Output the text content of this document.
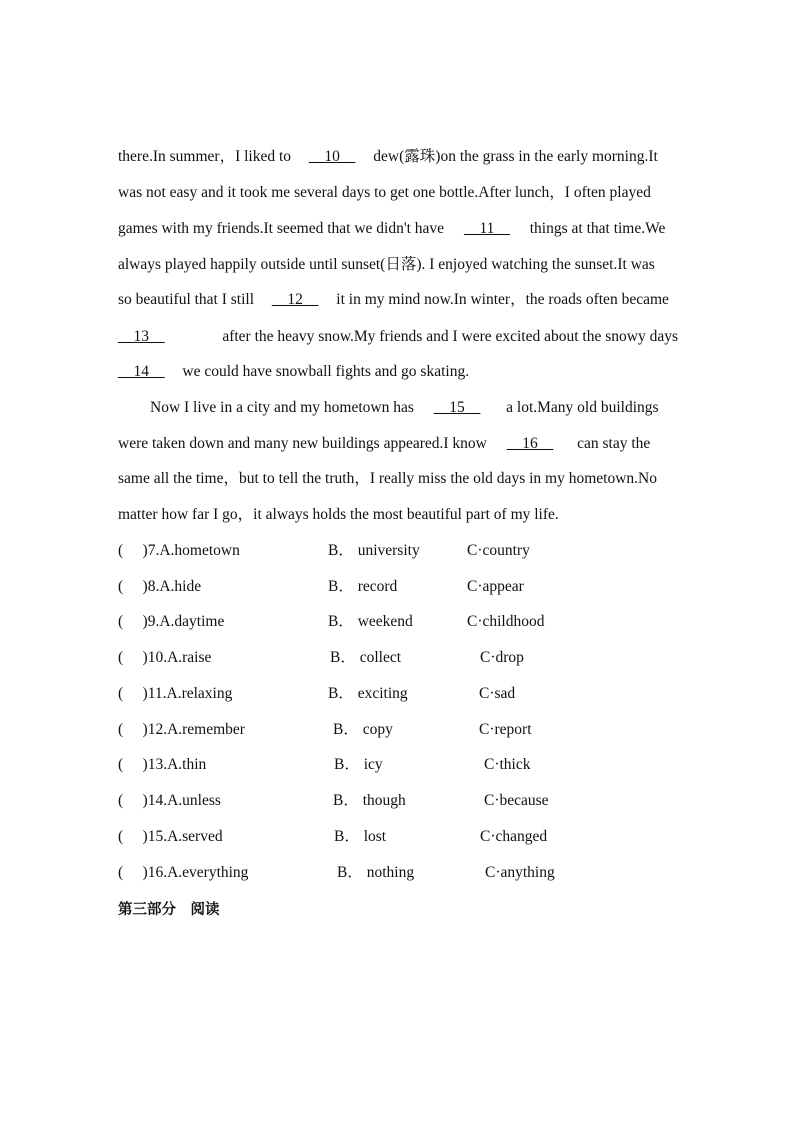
there.In summer，I liked to __10__ dew(露珠)on the grass in the early morning.It
was not easy and it took me several days to get one bottle.After lunch，I often played
games with my friends.It seemed that we didn't have __11__ things at that time.We
always played happily outside until sunset(日落). I enjoyed watching the sunset.It was
so beautiful that I still __12__ it in my mind now.In winter，the roads often became
__13__	after the heavy snow.My friends and I were excited about the snowy days
__14__ we could have snowball fights and go skating.
Now I live in a city and my hometown has __15__ a lot.Many old buildings
were taken down and many new buildings appeared.I know __16__ can stay the
same all the time，but to tell the truth，I really miss the old days in my hometown.No
matter how far I go，it always holds the most beautiful part of my life.
(　 )7.A.hometown	B． university	C·country
(　 )8.A.hide	B． record	C·appear
(　 )9.A.daytime	B． weekend	C·childhood
(　 )10.A.raise	B． collect	C·drop
(　 )11.A.relaxing	B． exciting	C·sad
(　 )12.A.remember	B． copy	C·report
(　 )13.A.thin	B． icy	C·thick
(　 )14.A.unless	B． though	C·because
(　 )15.A.served	B． lost	C·changed
(　 )16.A.everything	B． nothing	C·anything
第三部分　阅读
